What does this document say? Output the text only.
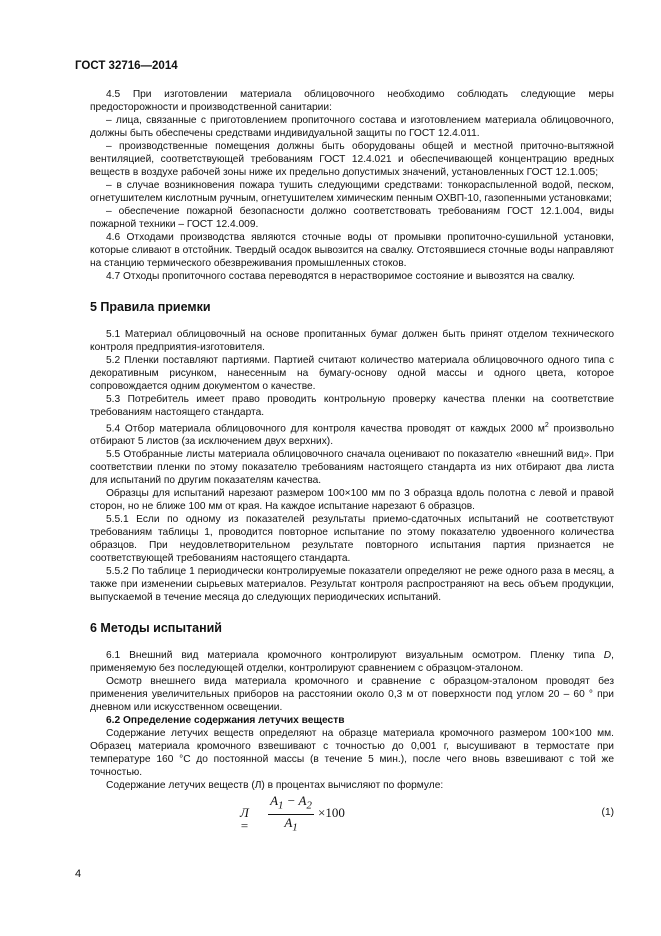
ГОСТ 32716—2014

4.5 При изготовлении материала облицовочного необходимо соблюдать следующие меры предосторожности и производственной санитарии:

– лица, связанные с приготовлением пропиточного состава и изготовлением материала облицовочного, должны быть обеспечены средствами индивидуальной защиты по ГОСТ 12.4.011.

– производственные помещения должны быть оборудованы общей и местной приточно-вытяжной вентиляцией, соответствующей требованиям ГОСТ 12.4.021 и обеспечивающей концентрацию вредных веществ в воздухе рабочей зоны ниже их предельно допустимых значений, установленных ГОСТ 12.1.005;

– в случае возникновения пожара тушить следующими средствами: тонкораспыленной водой, песком, огнетушителем кислотным ручным, огнетушителем химическим пенным ОХВП-10, газопенными установками;

– обеспечение пожарной безопасности должно соответствовать требованиям ГОСТ 12.1.004, виды пожарной техники – ГОСТ 12.4.009.

4.6 Отходами производства являются сточные воды от промывки пропиточно-сушильной установки, которые сливают в отстойник. Твердый осадок вывозится на свалку. Отстоявшиеся сточные воды направляют на станцию термического обезвреживания промышленных стоков.

4.7 Отходы пропиточного состава переводятся в нерастворимое состояние и вывозятся на свалку.

5 Правила приемки

5.1 Материал облицовочный на основе пропитанных бумаг должен быть принят отделом технического контроля предприятия-изготовителя.

5.2 Пленки поставляют партиями. Партией считают количество материала облицовочного одного типа с декоративным рисунком, нанесенным на бумагу-основу одной массы и одного цвета, которое сопровождается одним документом о качестве.

5.3 Потребитель имеет право проводить контрольную проверку качества пленки на соответствие требованиям настоящего стандарта.

5.4 Отбор материала облицовочного для контроля качества проводят от каждых 2000 $м^2$ произвольно отбирают 5 листов (за исключением двух верхних).

5.5 Отобранные листы материала облицовочного сначала оценивают по показателю «внешний вид». При соответствии пленки по этому показателю требованиям настоящего стандарта из них отбирают два листа для испытаний по другим показателям качества.

Образцы для испытаний нарезают размером 100×100 мм по 3 образца вдоль полотна с левой и правой сторон, но не ближе 100 мм от края. На каждое испытание нарезают 6 образцов.

5.5.1 Если по одному из показателей результаты приемо-сдаточных испытаний не соответствуют требованиям таблицы 1, проводится повторное испытание по этому показателю удвоенного количества образцов. При неудовлетворительном результате повторного испытания партия признается не соответствующей требованиям настоящего стандарта.

5.5.2 По таблице 1 периодически контролируемые показатели определяют не реже одного раза в месяц, а также при изменении сырьевых материалов. Результат контроля распространяют на весь объем продукции, выпускаемой в течение месяца до следующих периодических испытаний.

6 Методы испытаний

6.1 Внешний вид материала кромочного контролируют визуальным осмотром. Пленку типа D, применяемую без последующей отделки, контролируют сравнением с образцом-эталоном.

Осмотр внешнего вида материала кромочного и сравнение с образцом-эталоном проводят без применения увеличительных приборов на расстоянии около 0,3 м от поверхности под углом 20 – 60 ° при дневном или искусственном освещении.

6.2 Определение содержания летучих веществ

Содержание летучих веществ определяют на образце материала кромочного размером 100×100 мм. Образец материала кромочного взвешивают с точностью до 0,001 г, высушивают в термостате при температуре 160 °С до постоянной массы (в течение 5 мин.), после чего вновь взвешивают с той же точностью.

Содержание летучих веществ (Л) в процентах вычисляют по формуле:

$Л = \frac{A_1 - A_2}{A_1} \times 100$	(1)
4
